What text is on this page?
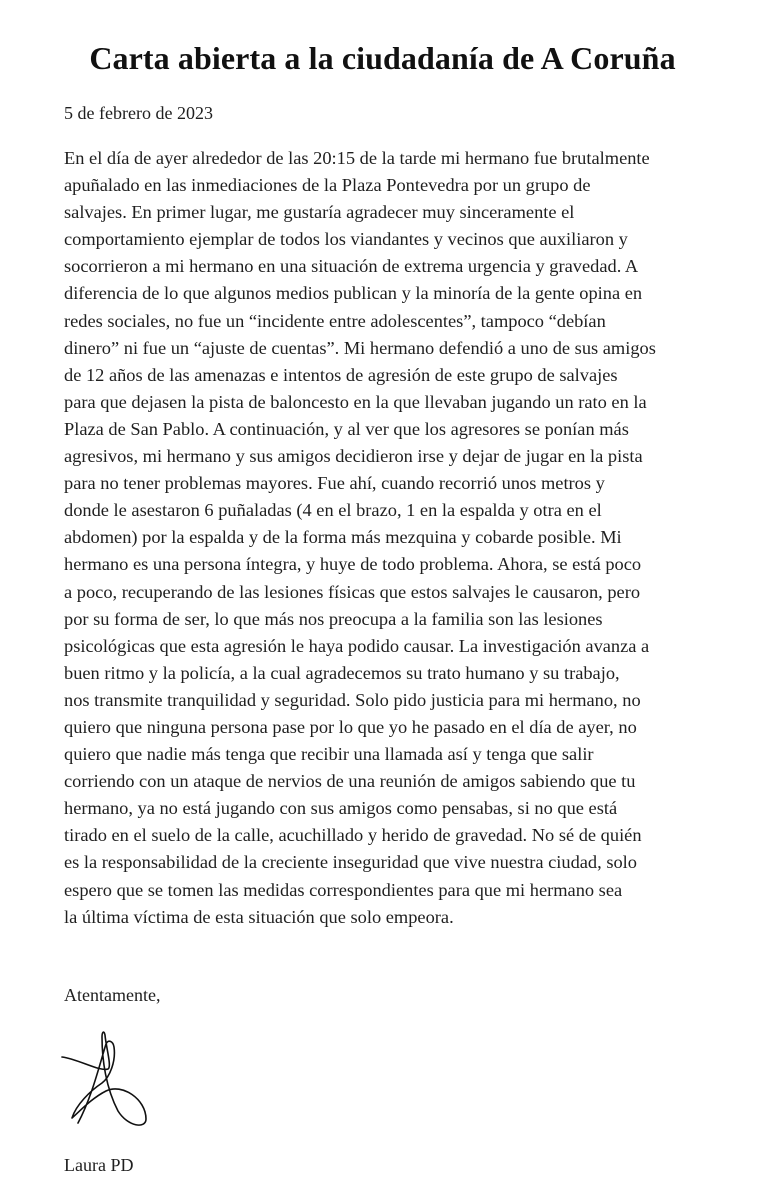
Carta abierta a la ciudadanía de A Coruña

5 de febrero de 2023

En el día de ayer alrededor de las 20:15 de la tarde mi hermano fue brutalmente
apuñalado en las inmediaciones de la Plaza Pontevedra por un grupo de
salvajes. En primer lugar, me gustaría agradecer muy sinceramente el
comportamiento ejemplar de todos los viandantes y vecinos que auxiliaron y
socorrieron a mi hermano en una situación de extrema urgencia y gravedad. A
diferencia de lo que algunos medios publican y la minoría de la gente opina en
redes sociales, no fue un “incidente entre adolescentes”, tampoco “debían
dinero” ni fue un “ajuste de cuentas”. Mi hermano defendió a uno de sus amigos
de 12 años de las amenazas e intentos de agresión de este grupo de salvajes
para que dejasen la pista de baloncesto en la que llevaban jugando un rato en la
Plaza de San Pablo. A continuación, y al ver que los agresores se ponían más
agresivos, mi hermano y sus amigos decidieron irse y dejar de jugar en la pista
para no tener problemas mayores. Fue ahí, cuando recorrió unos metros y
donde le asestaron 6 puñaladas (4 en el brazo, 1 en la espalda y otra en el
abdomen) por la espalda y de la forma más mezquina y cobarde posible. Mi
hermano es una persona íntegra, y huye de todo problema. Ahora, se está poco
a poco, recuperando de las lesiones físicas que estos salvajes le causaron, pero
por su forma de ser, lo que más nos preocupa a la familia son las lesiones
psicológicas que esta agresión le haya podido causar. La investigación avanza a
buen ritmo y la policía, a la cual agradecemos su trato humano y su trabajo,
nos transmite tranquilidad y seguridad. Solo pido justicia para mi hermano, no
quiero que ninguna persona pase por lo que yo he pasado en el día de ayer, no
quiero que nadie más tenga que recibir una llamada así y tenga que salir
corriendo con un ataque de nervios de una reunión de amigos sabiendo que tu
hermano, ya no está jugando con sus amigos como pensabas, si no que está
tirado en el suelo de la calle, acuchillado y herido de gravedad. No sé de quién
es la responsabilidad de la creciente inseguridad que vive nuestra ciudad, solo
espero que se tomen las medidas correspondientes para que mi hermano sea
la última víctima de esta situación que solo empeora.

Atentamente,

Laura PD
